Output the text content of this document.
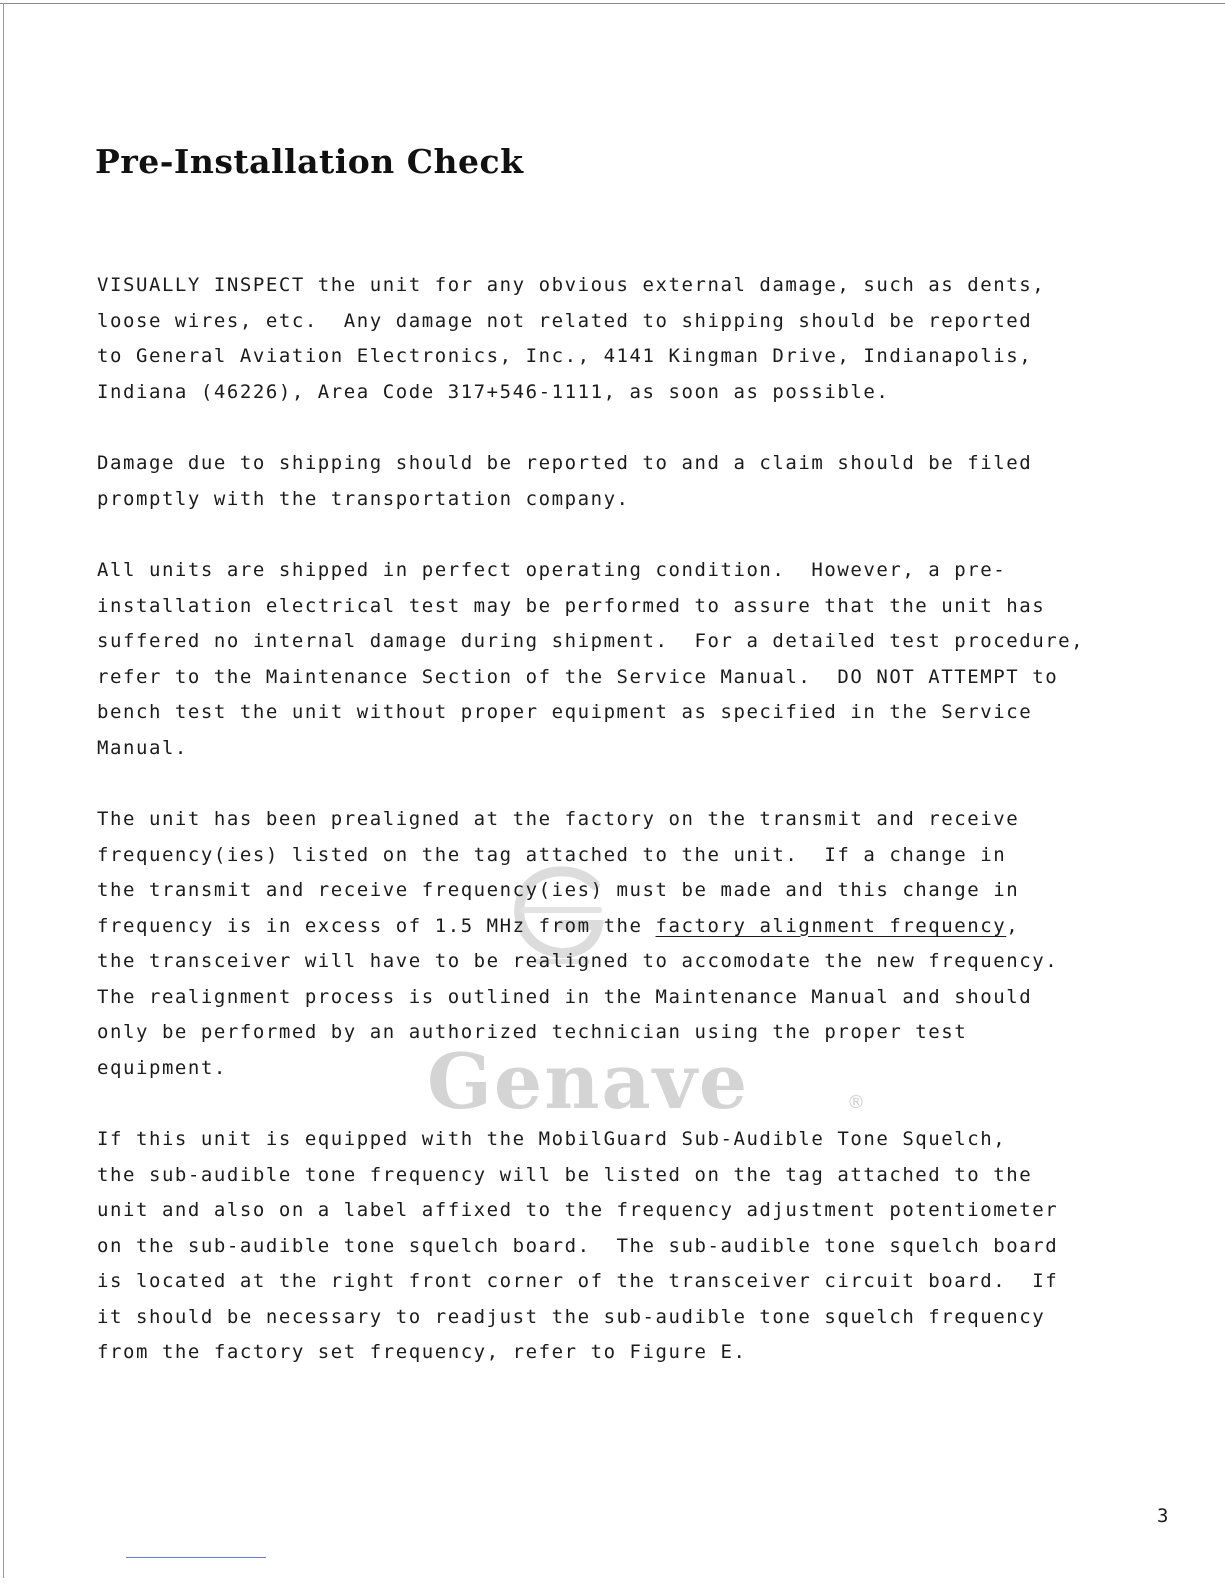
Pre-Installation Check
Genave	®

VISUALLY INSPECT the unit for any obvious external damage, such as dents,
loose wires, etc.  Any damage not related to shipping should be reported
to General Aviation Electronics, Inc., 4141 Kingman Drive, Indianapolis,
Indiana (46226), Area Code 317+546-1111, as soon as possible.

Damage due to shipping should be reported to and a claim should be filed
promptly with the transportation company.

All units are shipped in perfect operating condition.  However, a pre-
installation electrical test may be performed to assure that the unit has
suffered no internal damage during shipment.  For a detailed test procedure,
refer to the Maintenance Section of the Service Manual.  DO NOT ATTEMPT to
bench test the unit without proper equipment as specified in the Service
Manual.

The unit has been prealigned at the factory on the transmit and receive
frequency(ies) listed on the tag attached to the unit.  If a change in
the transmit and receive frequency(ies) must be made and this change in
frequency is in excess of 1.5 MHz from the factory alignment frequency,
the transceiver will have to be realigned to accomodate the new frequency.
The realignment process is outlined in the Maintenance Manual and should
only be performed by an authorized technician using the proper test
equipment.

If this unit is equipped with the MobilGuard Sub-Audible Tone Squelch,
the sub-audible tone frequency will be listed on the tag attached to the
unit and also on a label affixed to the frequency adjustment potentiometer
on the sub-audible tone squelch board.  The sub-audible tone squelch board
is located at the right front corner of the transceiver circuit board.  If
it should be necessary to readjust the sub-audible tone squelch frequency
from the factory set frequency, refer to Figure E.

3
